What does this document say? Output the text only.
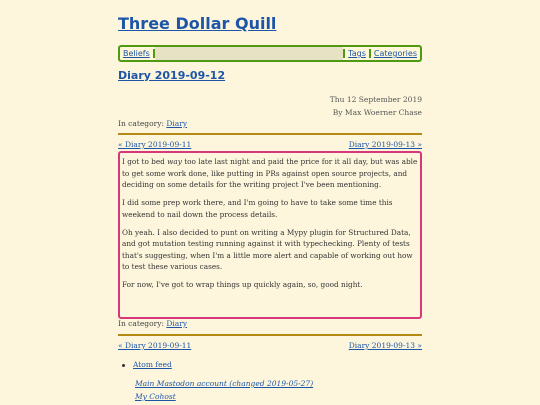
Three Dollar Quill
Beliefs	Tags	Categories
Diary 2019-09-12
Thu 12 September 2019
By Max Woerner Chase
In category: Diary
« Diary 2019-09-11	Diary 2019-09-13 »

I got to bed way too late last night and paid the price for it all day, but was able to get some work done, like putting in PRs against open source projects, and deciding on some details for the writing project I've been mentioning.

I did some prep work there, and I'm going to have to take some time this weekend to nail down the process details.

Oh yeah. I also decided to punt on writing a Mypy plugin for Structured Data, and got mutation testing running against it with typechecking. Plenty of tests that's suggesting, when I'm a little more alert and capable of working out how to test these various cases.

For now, I've got to wrap things up quickly again, so, good night.

In category: Diary
« Diary 2019-09-11	Diary 2019-09-13 »
Atom feed
Main Mastodon account (changed 2019-05-27)
My Cohost
